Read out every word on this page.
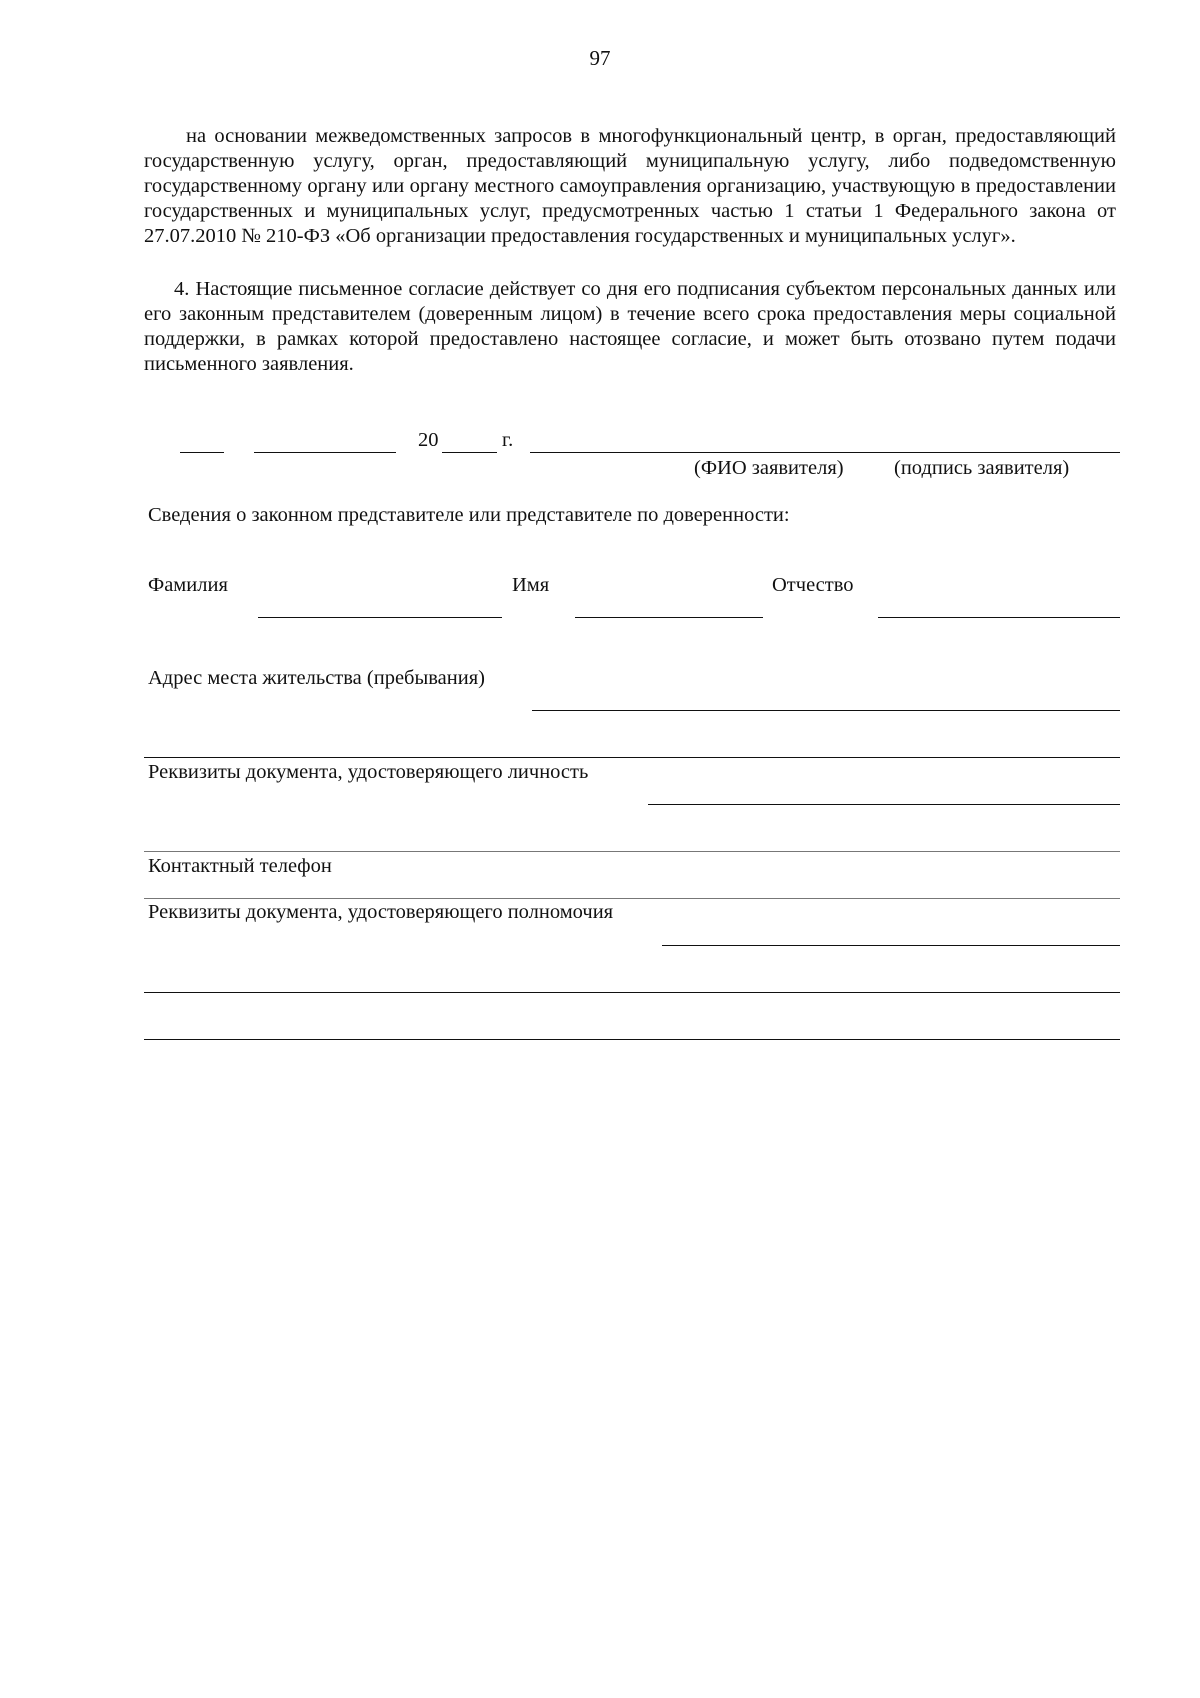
97

на основании межведомственных запросов в многофункциональный центр, в орган, предоставляющий государственную услугу, орган, предоставляющий муниципальную услугу, либо подведомственную государственному органу или органу местного самоуправления организацию, участвующую в предоставлении государственных и муниципальных услуг, предусмотренных частью 1 статьи 1 Федерального закона от 27.07.2010 № 210-ФЗ «Об организации предоставления государственных и муниципальных услуг».

4. Настоящие письменное согласие действует со дня его подписания субъектом персональных данных или его законным представителем (доверенным лицом) в течение всего срока предоставления меры социальной поддержки, в рамках которой предоставлено настоящее согласие, и может быть отозвано путем подачи письменного заявления.

20	г.
(ФИО заявителя) (подпись заявителя)
Сведения о законном представителе или представителе по доверенности:
Фамилия	Имя	Отчество
Адрес места жительства (пребывания)
Реквизиты документа, удостоверяющего личность
Контактный телефон
Реквизиты документа, удостоверяющего полномочия
